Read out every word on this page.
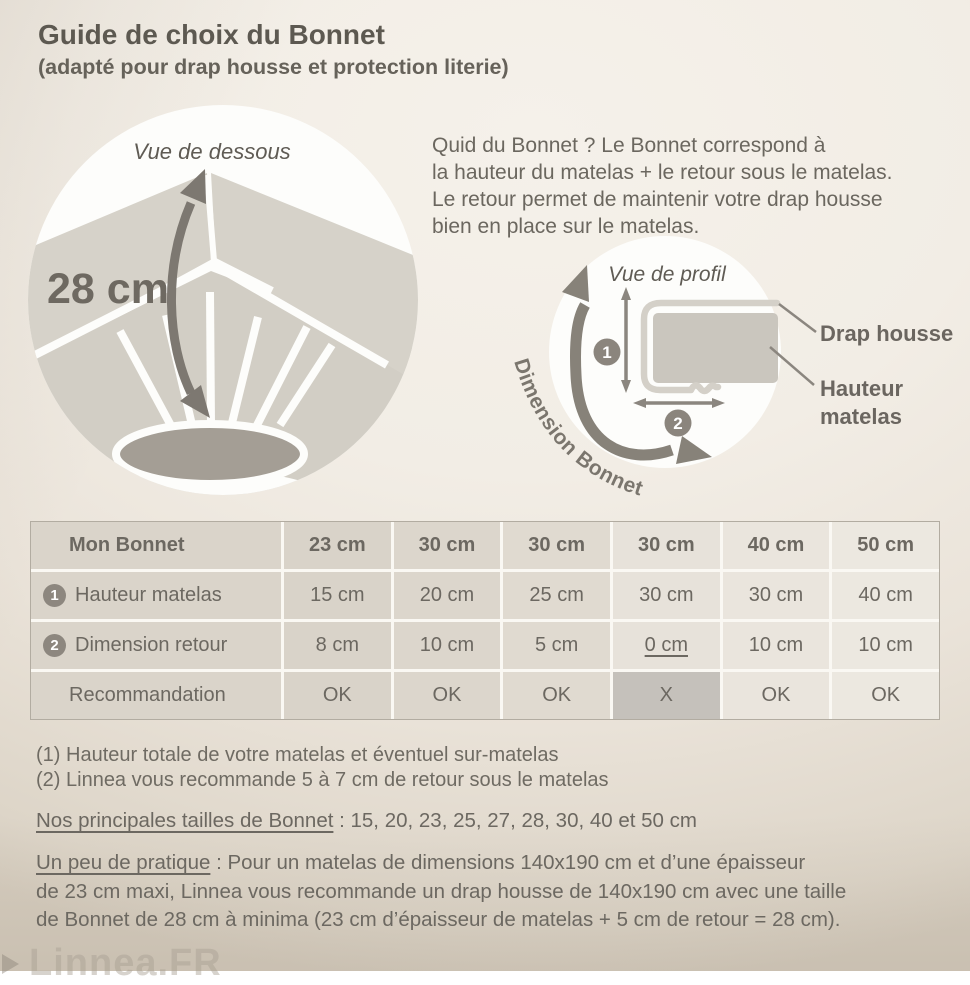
Guide de choix du Bonnet
(adapté pour drap housse et protection literie)

Quid du Bonnet ? Le Bonnet correspond à
la hauteur du matelas + le retour sous le matelas.
Le retour permet de maintenir votre drap housse
bien en place sur le matelas.

Vue de dessous
28 cm	Vue de profil
1
2
Dimension Bonnet
Drap housse
Hauteur
matelas
Mon Bonnet	23 cm	30 cm	30 cm	30 cm	40 cm	50 cm
1 Hauteur matelas	15 cm	20 cm	25 cm	30 cm	30 cm	40 cm
2 Dimension retour	8 cm	10 cm	5 cm	0 cm	10 cm	10 cm
Recommandation	OK	OK	OK	X	OK	OK
(1) Hauteur totale de votre matelas et éventuel sur-matelas
(2) Linnea vous recommande 5 à 7 cm de retour sous le matelas
Nos principales tailles de Bonnet : 15, 20, 23, 25, 27, 28, 30, 40 et 50 cm
Un peu de pratique : Pour un matelas de dimensions 140x190 cm et d’une épaisseur
de 23 cm maxi, Linnea vous recommande un drap housse de 140x190 cm avec une taille
de Bonnet de 28 cm à minima (23 cm d’épaisseur de matelas + 5 cm de retour = 28 cm).
Linnea.FR
